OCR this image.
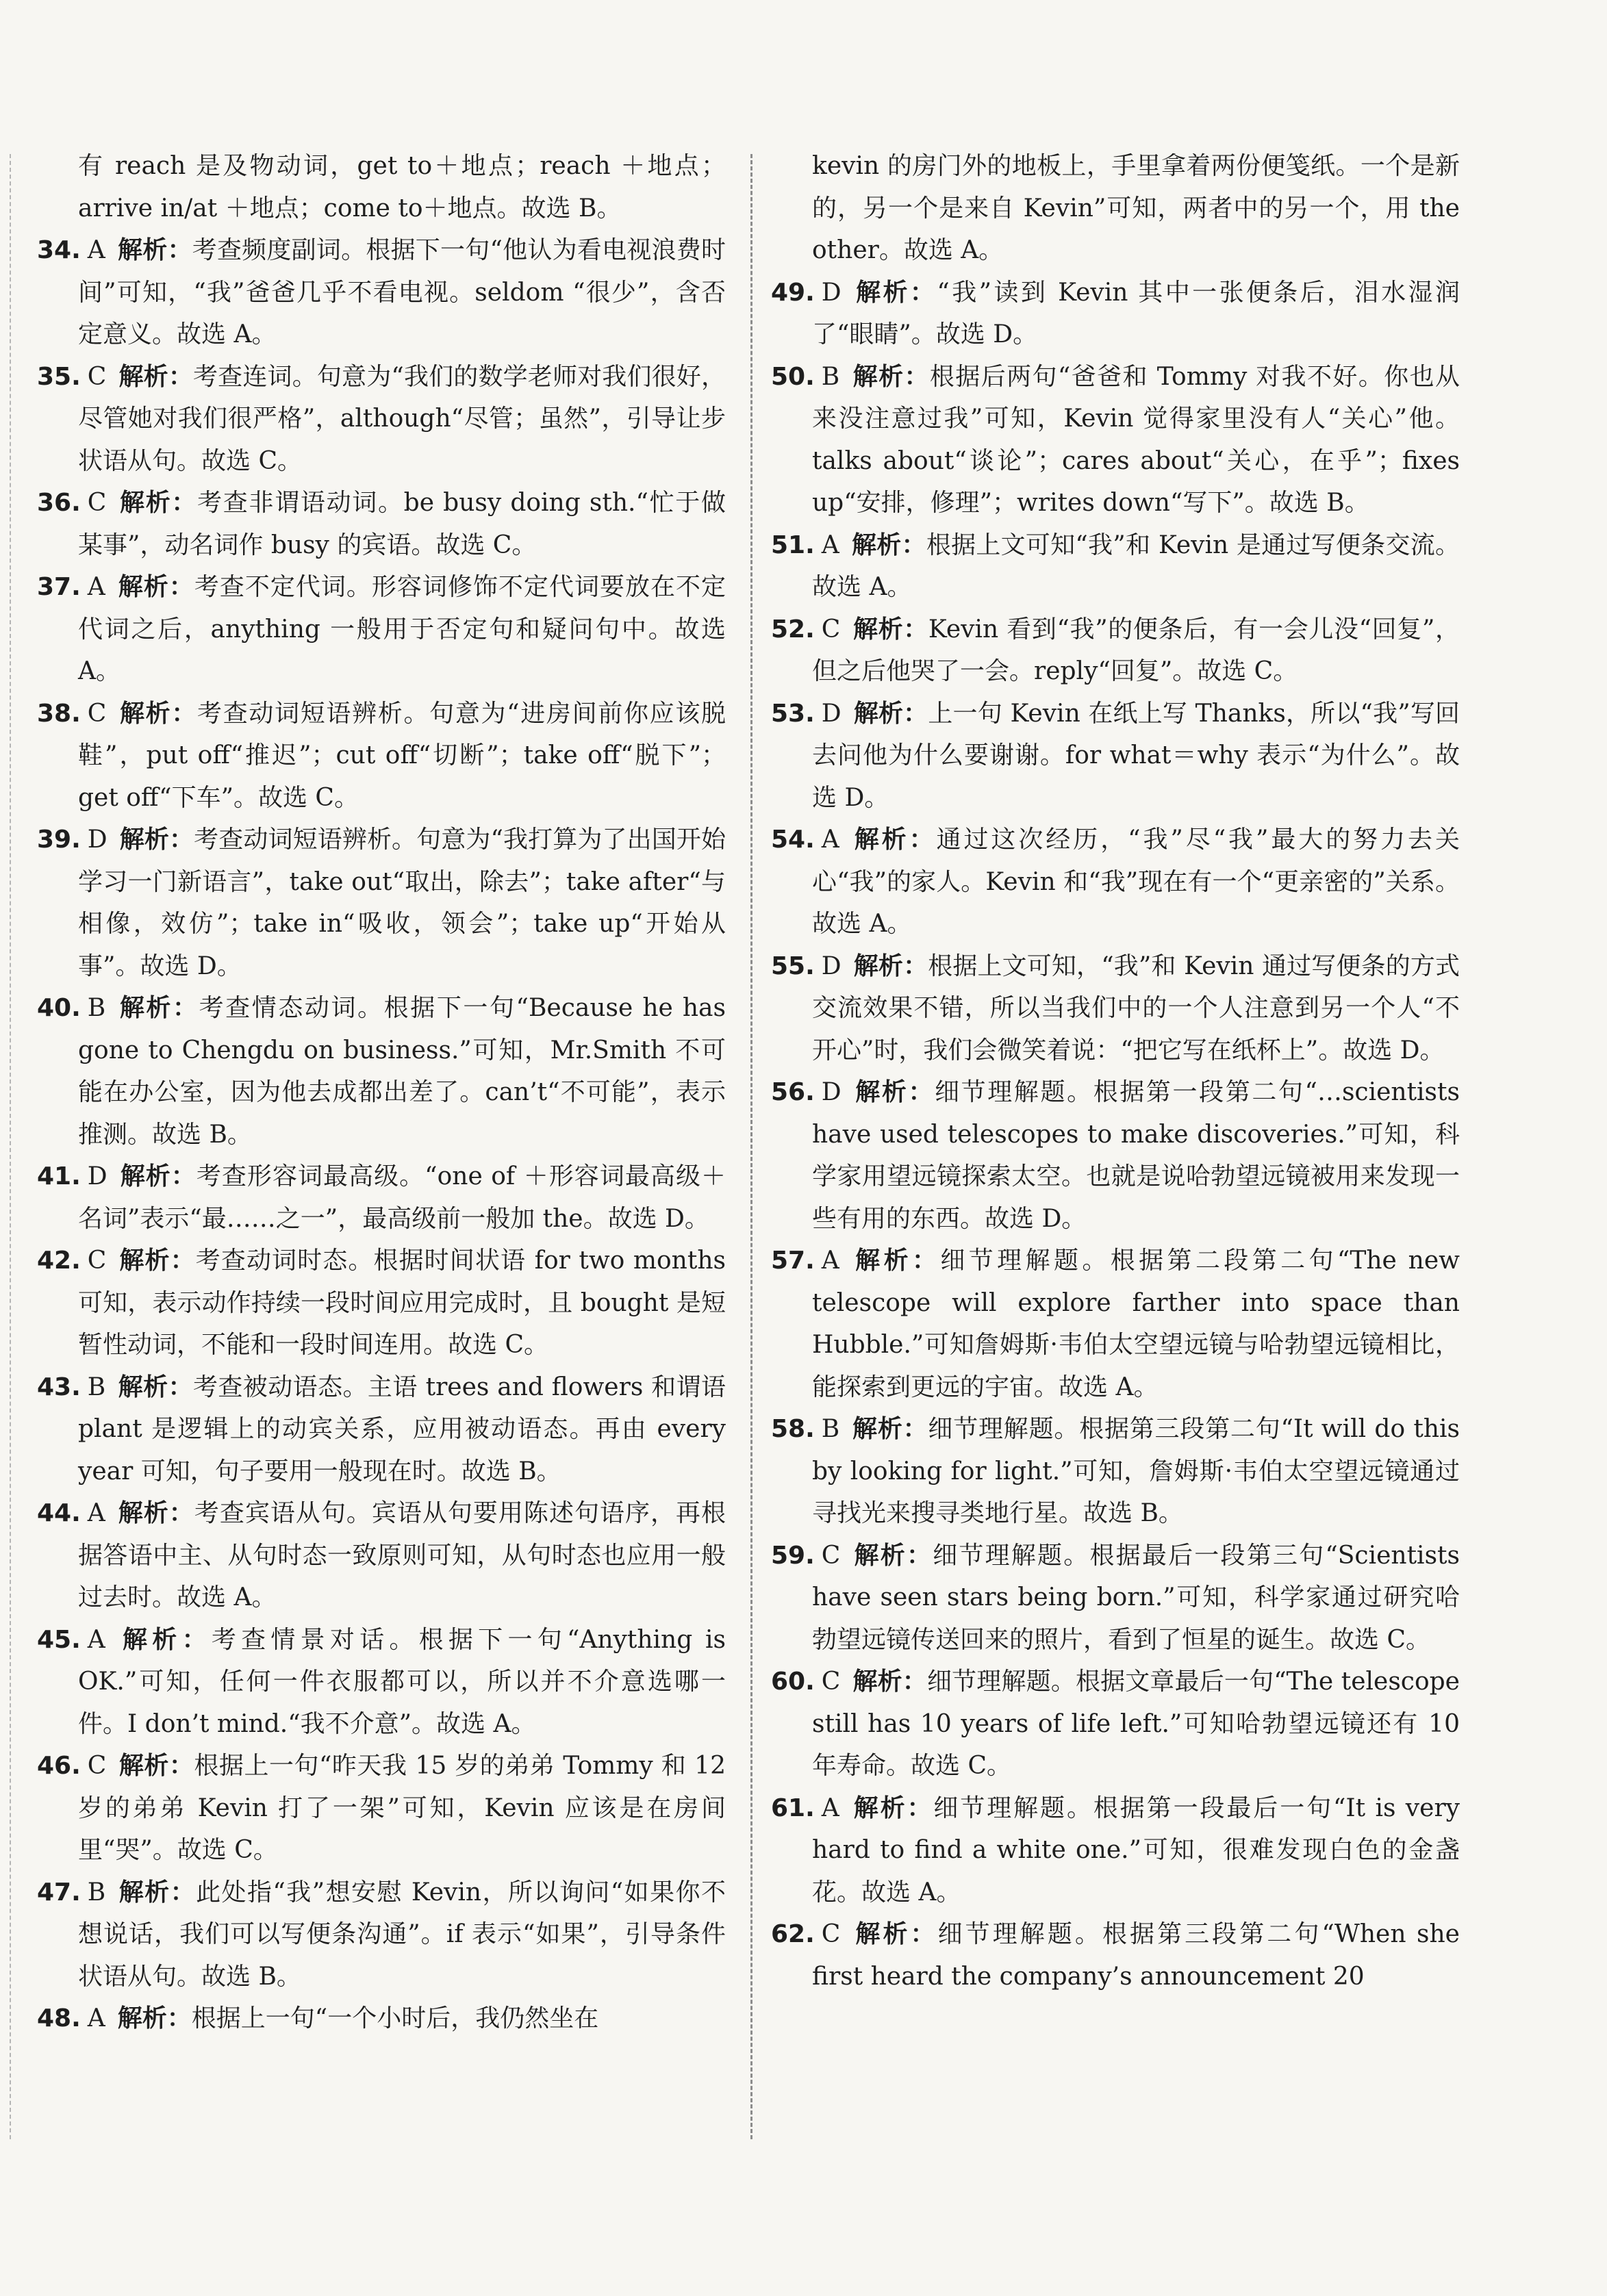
有 reach 是及物动词，get to＋地点；reach ＋地点；arrive in/at ＋地点；come to＋地点。故选 B。

34. A 解析：考查频度副词。根据下一句“他认为看电视浪费时间”可知，“我”爸爸几乎不看电视。seldom “很少”，含否定意义。故选 A。

35. C 解析：考查连词。句意为“我们的数学老师对我们很好，尽管她对我们很严格”，although“尽管；虽然”，引导让步状语从句。故选 C。

36. C 解析：考查非谓语动词。be busy doing sth.“忙于做某事”，动名词作 busy 的宾语。故选 C。

37. A 解析：考查不定代词。形容词修饰不定代词要放在不定代词之后，anything 一般用于否定句和疑问句中。故选 A。

38. C 解析：考查动词短语辨析。句意为“进房间前你应该脱鞋”，put off“推迟”；cut off“切断”；take off“脱下”；get off“下车”。故选 C。

39. D 解析：考查动词短语辨析。句意为“我打算为了出国开始学习一门新语言”，take out“取出，除去”；take after“与相像，效仿”；take in“吸收，领会”；take up“开始从事”。故选 D。

40. B 解析：考查情态动词。根据下一句“Because he has gone to Chengdu on business.”可知，Mr.Smith 不可能在办公室，因为他去成都出差了。can’t“不可能”，表示推测。故选 B。

41. D 解析：考查形容词最高级。“one of ＋形容词最高级＋名词”表示“最……之一”，最高级前一般加 the。故选 D。

42. C 解析：考查动词时态。根据时间状语 for two months 可知，表示动作持续一段时间应用完成时，且 bought 是短暂性动词，不能和一段时间连用。故选 C。

43. B 解析：考查被动语态。主语 trees and flowers 和谓语 plant 是逻辑上的动宾关系，应用被动语态。再由 every year 可知，句子要用一般现在时。故选 B。

44. A 解析：考查宾语从句。宾语从句要用陈述句语序，再根据答语中主、从句时态一致原则可知，从句时态也应用一般过去时。故选 A。

45. A 解析：考查情景对话。根据下一句“Anything is OK.”可知，任何一件衣服都可以，所以并不介意选哪一件。I don’t mind.“我不介意”。故选 A。

46. C 解析：根据上一句“昨天我 15 岁的弟弟 Tommy 和 12 岁的弟弟 Kevin 打了一架”可知，Kevin 应该是在房间里“哭”。故选 C。

47. B 解析：此处指“我”想安慰 Kevin，所以询问“如果你不想说话，我们可以写便条沟通”。if 表示“如果”，引导条件状语从句。故选 B。

48. A 解析：根据上一句“一个小时后，我仍然坐在

kevin 的房门外的地板上，手里拿着两份便笺纸。一个是新的，另一个是来自 Kevin”可知，两者中的另一个，用 the other。故选 A。

49. D 解析：“我”读到 Kevin 其中一张便条后，泪水湿润了“眼睛”。故选 D。

50. B 解析：根据后两句“爸爸和 Tommy 对我不好。你也从来没注意过我”可知，Kevin 觉得家里没有人“关心”他。talks about“谈论”；cares about“关心，在乎”；fixes up“安排，修理”；writes down“写下”。故选 B。

51. A 解析：根据上文可知“我”和 Kevin 是通过写便条交流。故选 A。

52. C 解析：Kevin 看到“我”的便条后，有一会儿没“回复”，但之后他哭了一会。reply“回复”。故选 C。

53. D 解析：上一句 Kevin 在纸上写 Thanks，所以“我”写回去问他为什么要谢谢。for what＝why 表示“为什么”。故选 D。

54. A 解析：通过这次经历，“我”尽“我”最大的努力去关心“我”的家人。Kevin 和“我”现在有一个“更亲密的”关系。故选 A。

55. D 解析：根据上文可知，“我”和 Kevin 通过写便条的方式交流效果不错，所以当我们中的一个人注意到另一个人“不开心”时，我们会微笑着说：“把它写在纸杯上”。故选 D。

56. D 解析：细节理解题。根据第一段第二句“…scientists have used telescopes to make discoveries.”可知，科学家用望远镜探索太空。也就是说哈勃望远镜被用来发现一些有用的东西。故选 D。

57. A 解析：细节理解题。根据第二段第二句“The new telescope will explore farther into space than Hubble.”可知詹姆斯·韦伯太空望远镜与哈勃望远镜相比，能探索到更远的宇宙。故选 A。

58. B 解析：细节理解题。根据第三段第二句“It will do this by looking for light.”可知，詹姆斯·韦伯太空望远镜通过寻找光来搜寻类地行星。故选 B。

59. C 解析：细节理解题。根据最后一段第三句“Scientists have seen stars being born.”可知，科学家通过研究哈勃望远镜传送回来的照片，看到了恒星的诞生。故选 C。

60. C 解析：细节理解题。根据文章最后一句“The telescope still has 10 years of life left.”可知哈勃望远镜还有 10 年寿命。故选 C。

61. A 解析：细节理解题。根据第一段最后一句“It is very hard to find a white one.”可知，很难发现白色的金盏花。故选 A。

62. C 解析：细节理解题。根据第三段第二句“When she first heard the company’s announcement 20
